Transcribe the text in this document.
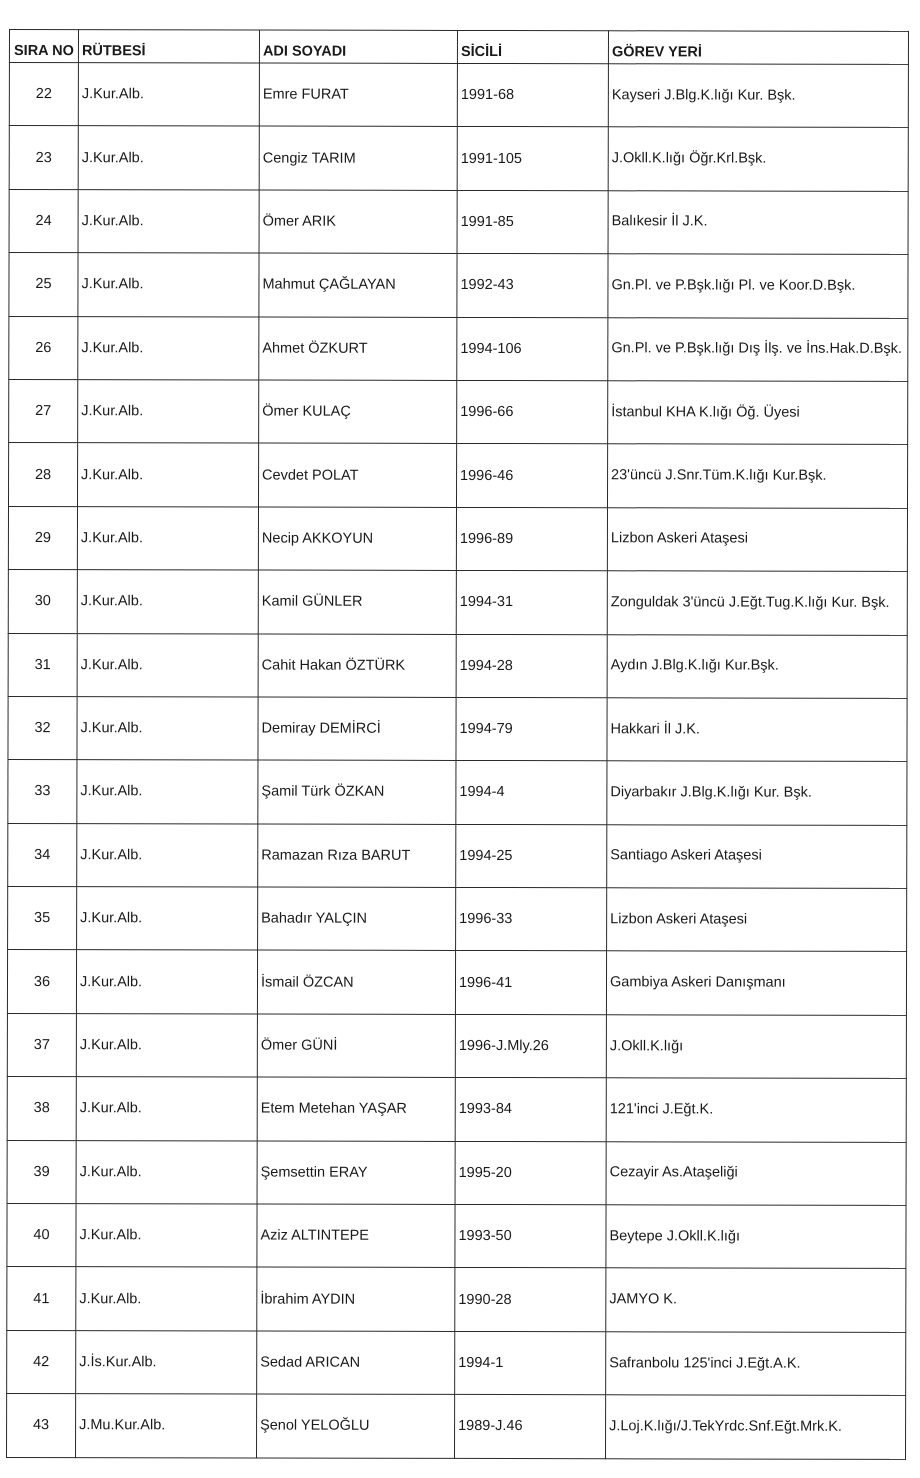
SIRA NO	RÜTBESİ	ADI SOYADI	SİCİLİ	GÖREV YERİ
22	J.Kur.Alb.	Emre FURAT	1991-68	Kayseri J.Blg.K.lığı Kur. Bşk.
23	J.Kur.Alb.	Cengiz TARIM	1991-105	J.Okll.K.lığı Öğr.Krl.Bşk.
24	J.Kur.Alb.	Ömer ARIK	1991-85	Balıkesir İl J.K.
25	J.Kur.Alb.	Mahmut ÇAĞLAYAN	1992-43	Gn.Pl. ve P.Bşk.lığı Pl. ve Koor.D.Bşk.
26	J.Kur.Alb.	Ahmet ÖZKURT	1994-106	Gn.Pl. ve P.Bşk.lığı Dış İlş. ve İns.Hak.D.Bşk.
27	J.Kur.Alb.	Ömer KULAÇ	1996-66	İstanbul KHA K.lığı Öğ. Üyesi
28	J.Kur.Alb.	Cevdet POLAT	1996-46	23'üncü J.Snr.Tüm.K.lığı Kur.Bşk.
29	J.Kur.Alb.	Necip AKKOYUN	1996-89	Lizbon Askeri Ataşesi
30	J.Kur.Alb.	Kamil GÜNLER	1994-31	Zonguldak 3'üncü J.Eğt.Tug.K.lığı Kur. Bşk.
31	J.Kur.Alb.	Cahit Hakan ÖZTÜRK	1994-28	Aydın J.Blg.K.lığı Kur.Bşk.
32	J.Kur.Alb.	Demiray DEMİRCİ	1994-79	Hakkari İl J.K.
33	J.Kur.Alb.	Şamil Türk ÖZKAN	1994-4	Diyarbakır J.Blg.K.lığı Kur. Bşk.
34	J.Kur.Alb.	Ramazan Rıza BARUT	1994-25	Santiago Askeri Ataşesi
35	J.Kur.Alb.	Bahadır YALÇIN	1996-33	Lizbon Askeri Ataşesi
36	J.Kur.Alb.	İsmail ÖZCAN	1996-41	Gambiya Askeri Danışmanı
37	J.Kur.Alb.	Ömer GÜNİ	1996-J.Mly.26	J.Okll.K.lığı
38	J.Kur.Alb.	Etem Metehan YAŞAR	1993-84	121'inci J.Eğt.K.
39	J.Kur.Alb.	Şemsettin ERAY	1995-20	Cezayir As.Ataşeliği
40	J.Kur.Alb.	Aziz ALTINTEPE	1993-50	Beytepe J.Okll.K.lığı
41	J.Kur.Alb.	İbrahim AYDIN	1990-28	JAMYO K.
42	J.İs.Kur.Alb.	Sedad ARICAN	1994-1	Safranbolu 125'inci J.Eğt.A.K.
43	J.Mu.Kur.Alb.	Şenol YELOĞLU	1989-J.46	J.Loj.K.lığı/J.TekYrdc.Snf.Eğt.Mrk.K.
